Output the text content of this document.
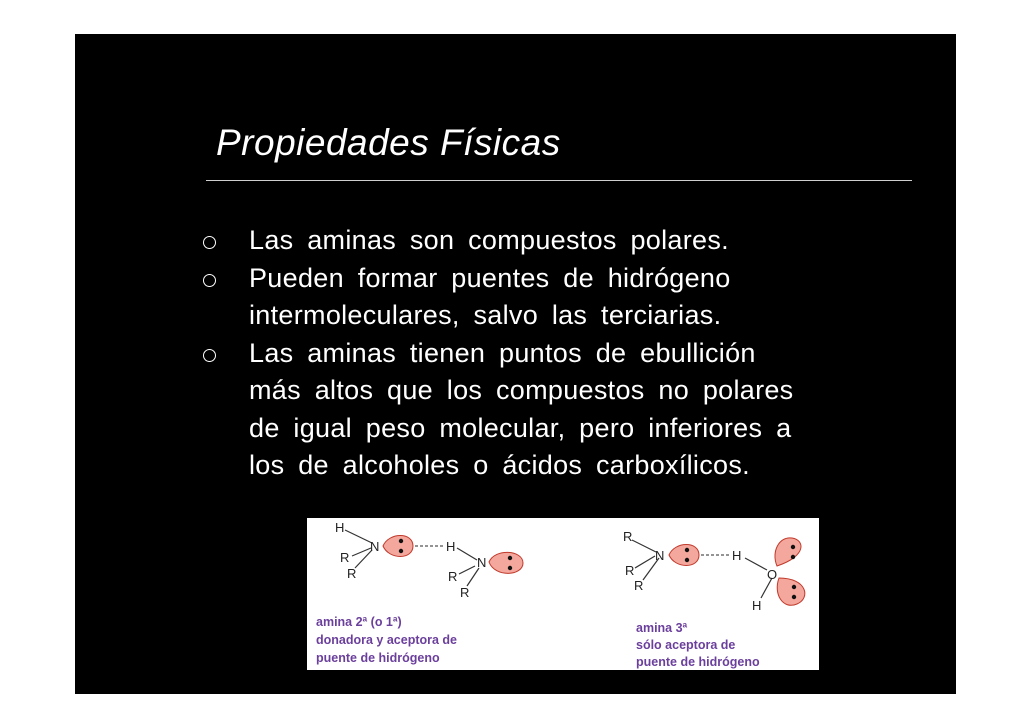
Propiedades Físicas
Las aminas son compuestos polares.
Pueden formar puentes de hidrógeno
intermoleculares, salvo las terciarias.
Las aminas tienen puntos de ebullición
más altos que los compuestos no polares
de igual peso molecular, pero inferiores a
los de alcoholes o ácidos carboxílicos.
H
N
R
R
H
N
R
R
amina 2ª (o 1ª)
donadora y aceptora de
puente de hidrógeno
R
N
R
R
H
O
H
amina 3ª
sólo aceptora de
puente de hidrógeno
